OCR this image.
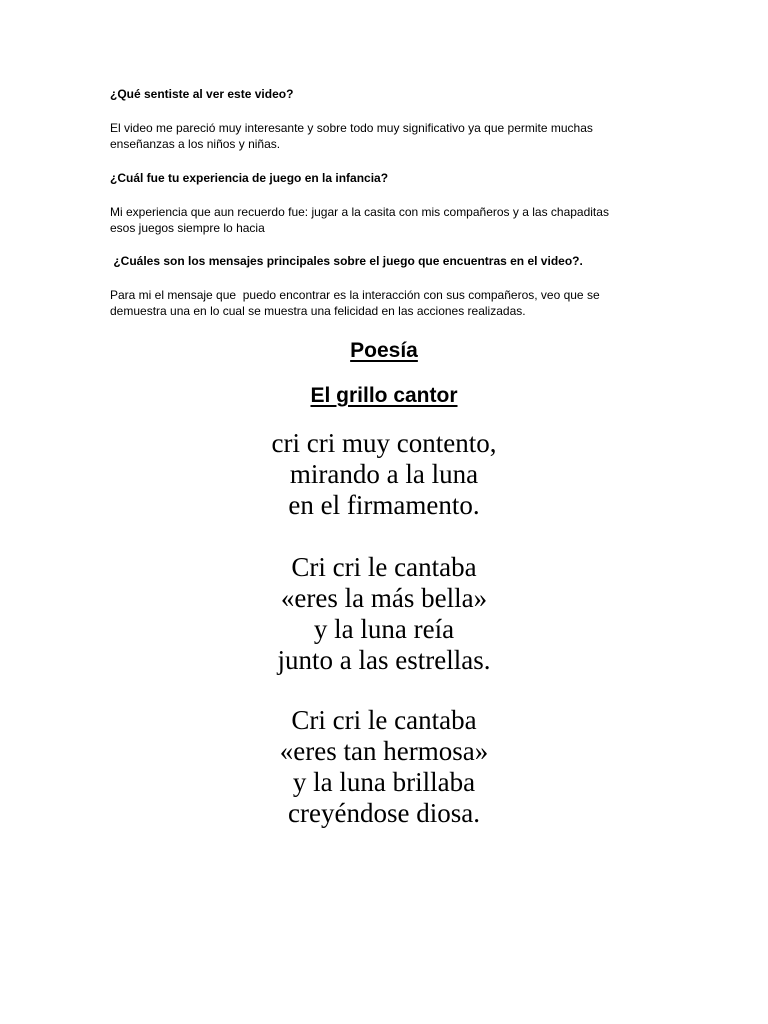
¿Qué sentiste al ver este video?

El video me pareció muy interesante y sobre todo muy significativo ya que permite muchas

enseñanzas a los niños y niñas.

¿Cuál fue tu experiencia de juego en la infancia?

Mi experiencia que aun recuerdo fue: jugar a la casita con mis compañeros y a las chapaditas

esos juegos siempre lo hacia

¿Cuáles son los mensajes principales sobre el juego que encuentras en el video?.

Para mi el mensaje que  puedo encontrar es la interacción con sus compañeros, veo que se

demuestra una en lo cual se muestra una felicidad en las acciones realizadas.

Poesía
El grillo cantor
cri cri muy contento,
mirando a la luna
en el firmamento.
Cri cri le cantaba
«eres la más bella»
y la luna reía
junto a las estrellas.
Cri cri le cantaba
«eres tan hermosa»
y la luna brillaba
creyéndose diosa.
